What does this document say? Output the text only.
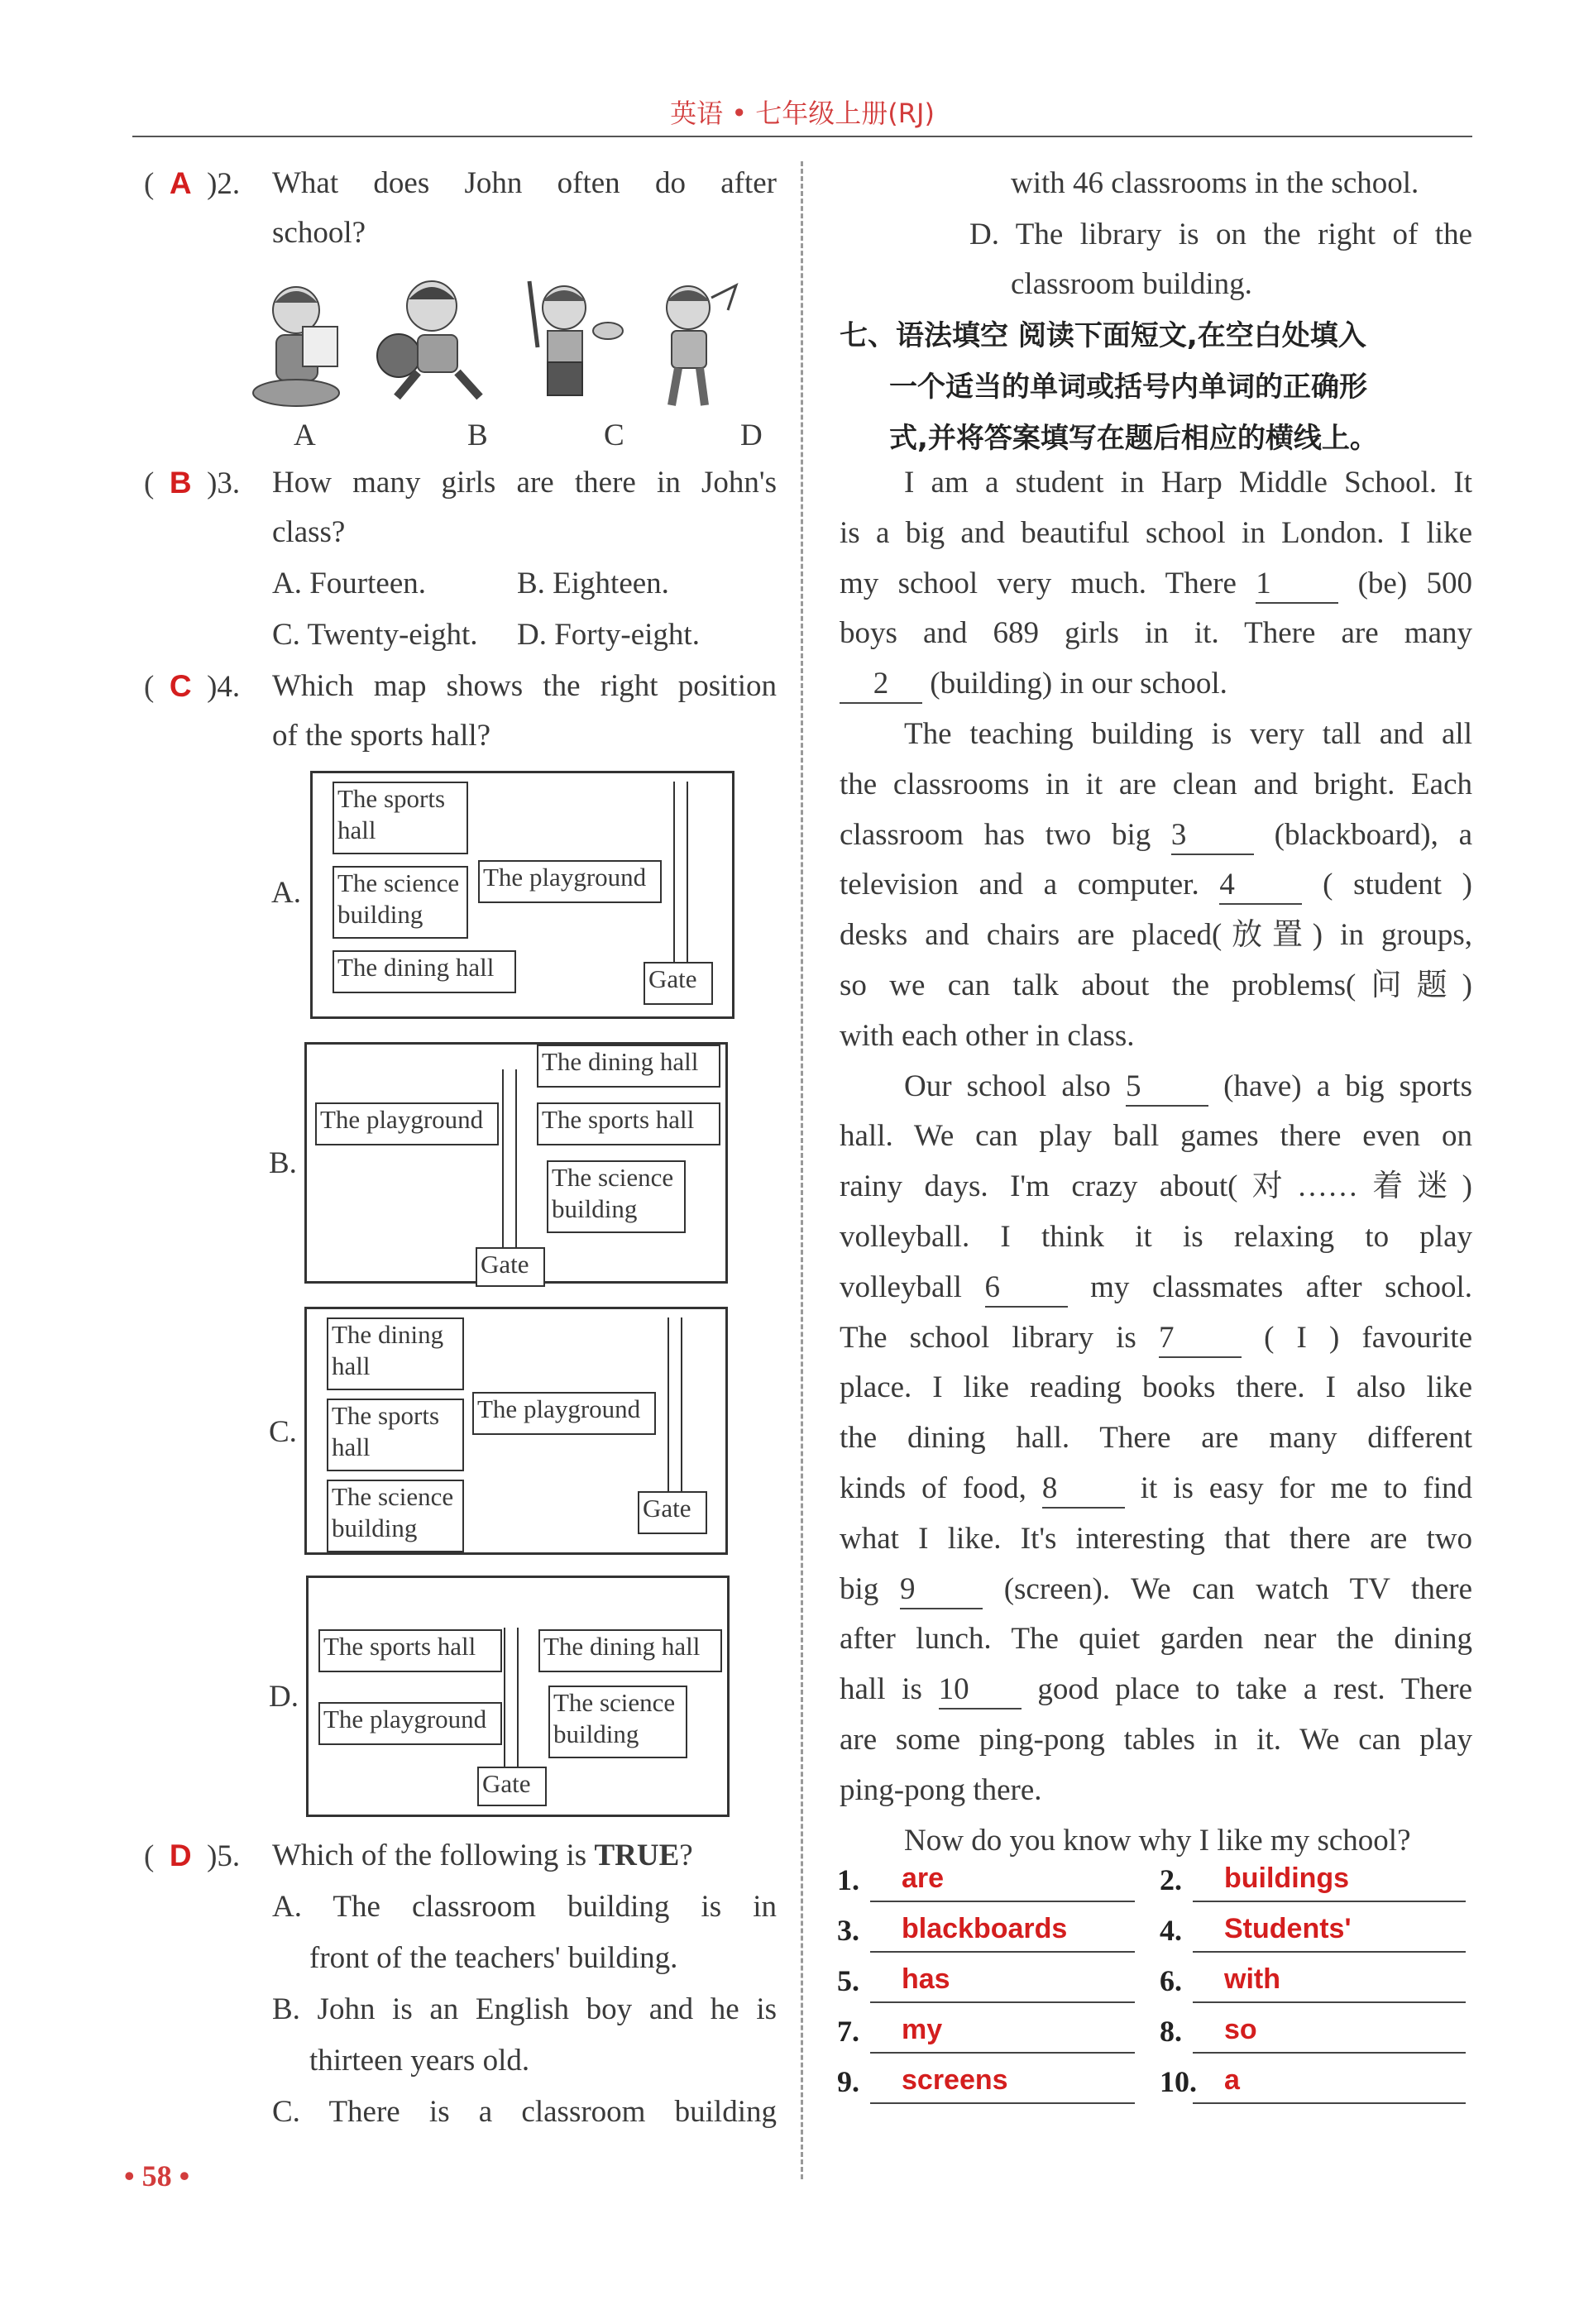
英语 • 七年级上册(RJ)
( A )2. What does John often do after
school?
A	B	C	D
( B )3. How many girls are there in John's
class?
A. Fourteen.	B. Eighteen.
C. Twenty-eight. D. Forty-eight.
( C )4. Which map shows the right position
of the sports hall?
A.
The sports
hall
The science
building
The playground
The dining hall	Gate
B.
The playground
Gate
The dining hall
The sports hall
The science
building
C.
The dining
hall
The sports
hall
The playground
The science
building
Gate
D.
The sports hall
The playground
The dining hall
The science
building
Gate
( D )5. Which of the following is TRUE?
A. The classroom building is in
front of the teachers' building.
B. John is an English boy and he is
thirteen years old.
C. There is a classroom building
• 58 •
with 46 classrooms in the school.
D. The library is on the right of the
classroom building.
七、语法填空 阅读下面短文,在空白处填入
一个适当的单词或括号内单词的正确形
式,并将答案填写在题后相应的横线上。
I am a student in Harp Middle School. It
is a big and beautiful school in London. I like
my school very much. There 1 (be) 500
boys and 689 girls in it. There are many
2 (building) in our school.
The teaching building is very tall and all
the classrooms in it are clean and bright. Each
classroom has two big 3 (blackboard), a
television and a computer. 4 ( student )
desks and chairs are placed(放置) in groups,
so we can talk about the problems(问题)
with each other in class.
Our school also 5 (have) a big sports
hall. We can play ball games there even on
rainy days. I'm crazy about(对……着迷)
volleyball. I think it is relaxing to play
volleyball 6 my classmates after school.
The school library is 7 ( I ) favourite
place. I like reading books there. I also like
the dining hall. There are many different
kinds of food, 8 it is easy for me to find
what I like. It's interesting that there are two
big 9 (screen). We can watch TV there
after lunch. The quiet garden near the dining
hall is 10 good place to take a rest. There
are some ping-pong tables in it. We can play
ping-pong there.
Now do you know why I like my school?
1. are	2. buildings
3. blackboards	4. Students'
5. has	6. with
7. my	8. so
9. screens	10. a
